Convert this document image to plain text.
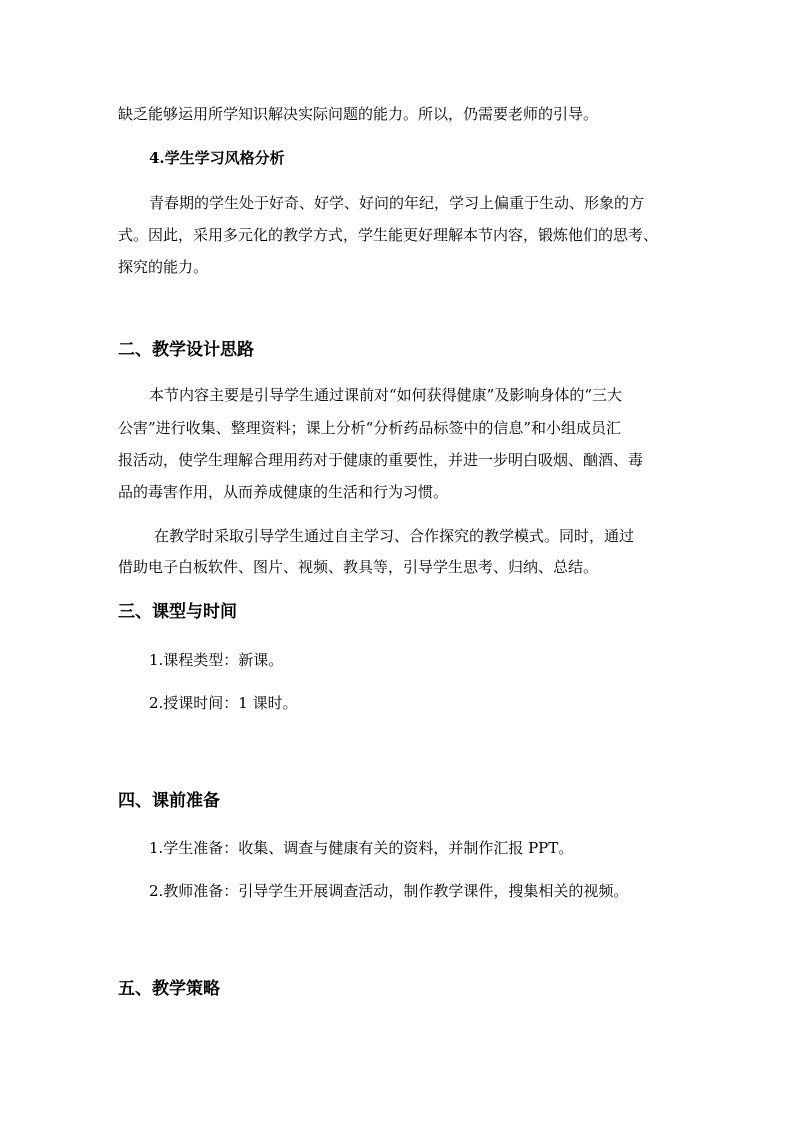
缺乏能够运用所学知识解决实际问题的能力。所以，仍需要老师的引导。
4.学生学习风格分析
青春期的学生处于好奇、好学、好问的年纪，学习上偏重于生动、形象的方
式。因此，采用多元化的教学方式，学生能更好理解本节内容，锻炼他们的思考、
探究的能力。
二、教学设计思路
本节内容主要是引导学生通过课前对“如何获得健康”及影响身体的“三大
公害”进行收集、整理资料；课上分析“分析药品标签中的信息”和小组成员汇
报活动，使学生理解合理用药对于健康的重要性，并进一步明白吸烟、酗酒、毒
品的毒害作用，从而养成健康的生活和行为习惯。
在教学时采取引导学生通过自主学习、合作探究的教学模式。同时，通过
借助电子白板软件、图片、视频、教具等，引导学生思考、归纳、总结。
三、课型与时间
1.课程类型：新课。
2.授课时间：1 课时。
四、课前准备
1.学生准备：收集、调查与健康有关的资料，并制作汇报 PPT。
2.教师准备：引导学生开展调查活动，制作教学课件，搜集相关的视频。
五、教学策略
